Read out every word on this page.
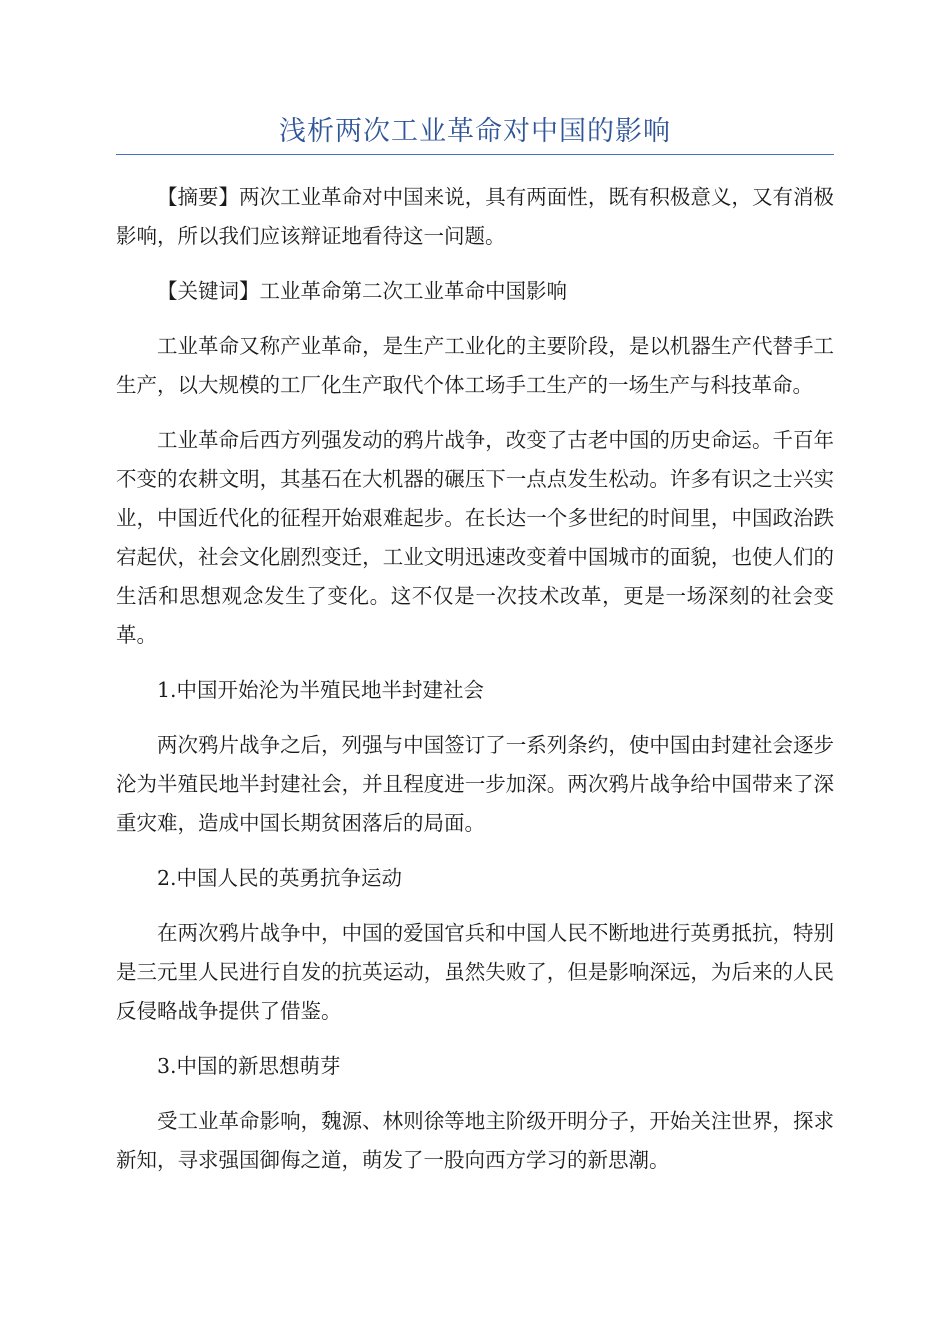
浅析两次工业革命对中国的影响

【摘要】两次工业革命对中国来说，具有两面性，既有积极意义，又有消极影响，所以我们应该辩证地看待这一问题。

【关键词】工业革命第二次工业革命中国影响

工业革命又称产业革命，是生产工业化的主要阶段，是以机器生产代替手工生产，以大规模的工厂化生产取代个体工场手工生产的一场生产与科技革命。

工业革命后西方列强发动的鸦片战争，改变了古老中国的历史命运。千百年不变的农耕文明，其基石在大机器的碾压下一点点发生松动。许多有识之士兴实业，中国近代化的征程开始艰难起步。在长达一个多世纪的时间里，中国政治跌宕起伏，社会文化剧烈变迁，工业文明迅速改变着中国城市的面貌，也使人们的生活和思想观念发生了变化。这不仅是一次技术改革，更是一场深刻的社会变革。

1.中国开始沦为半殖民地半封建社会

两次鸦片战争之后，列强与中国签订了一系列条约，使中国由封建社会逐步沦为半殖民地半封建社会，并且程度进一步加深。两次鸦片战争给中国带来了深重灾难，造成中国长期贫困落后的局面。

2.中国人民的英勇抗争运动

在两次鸦片战争中，中国的爱国官兵和中国人民不断地进行英勇抵抗，特别是三元里人民进行自发的抗英运动，虽然失败了，但是影响深远，为后来的人民反侵略战争提供了借鉴。

3.中国的新思想萌芽

受工业革命影响，魏源、林则徐等地主阶级开明分子，开始关注世界，探求新知，寻求强国御侮之道，萌发了一股向西方学习的新思潮。
